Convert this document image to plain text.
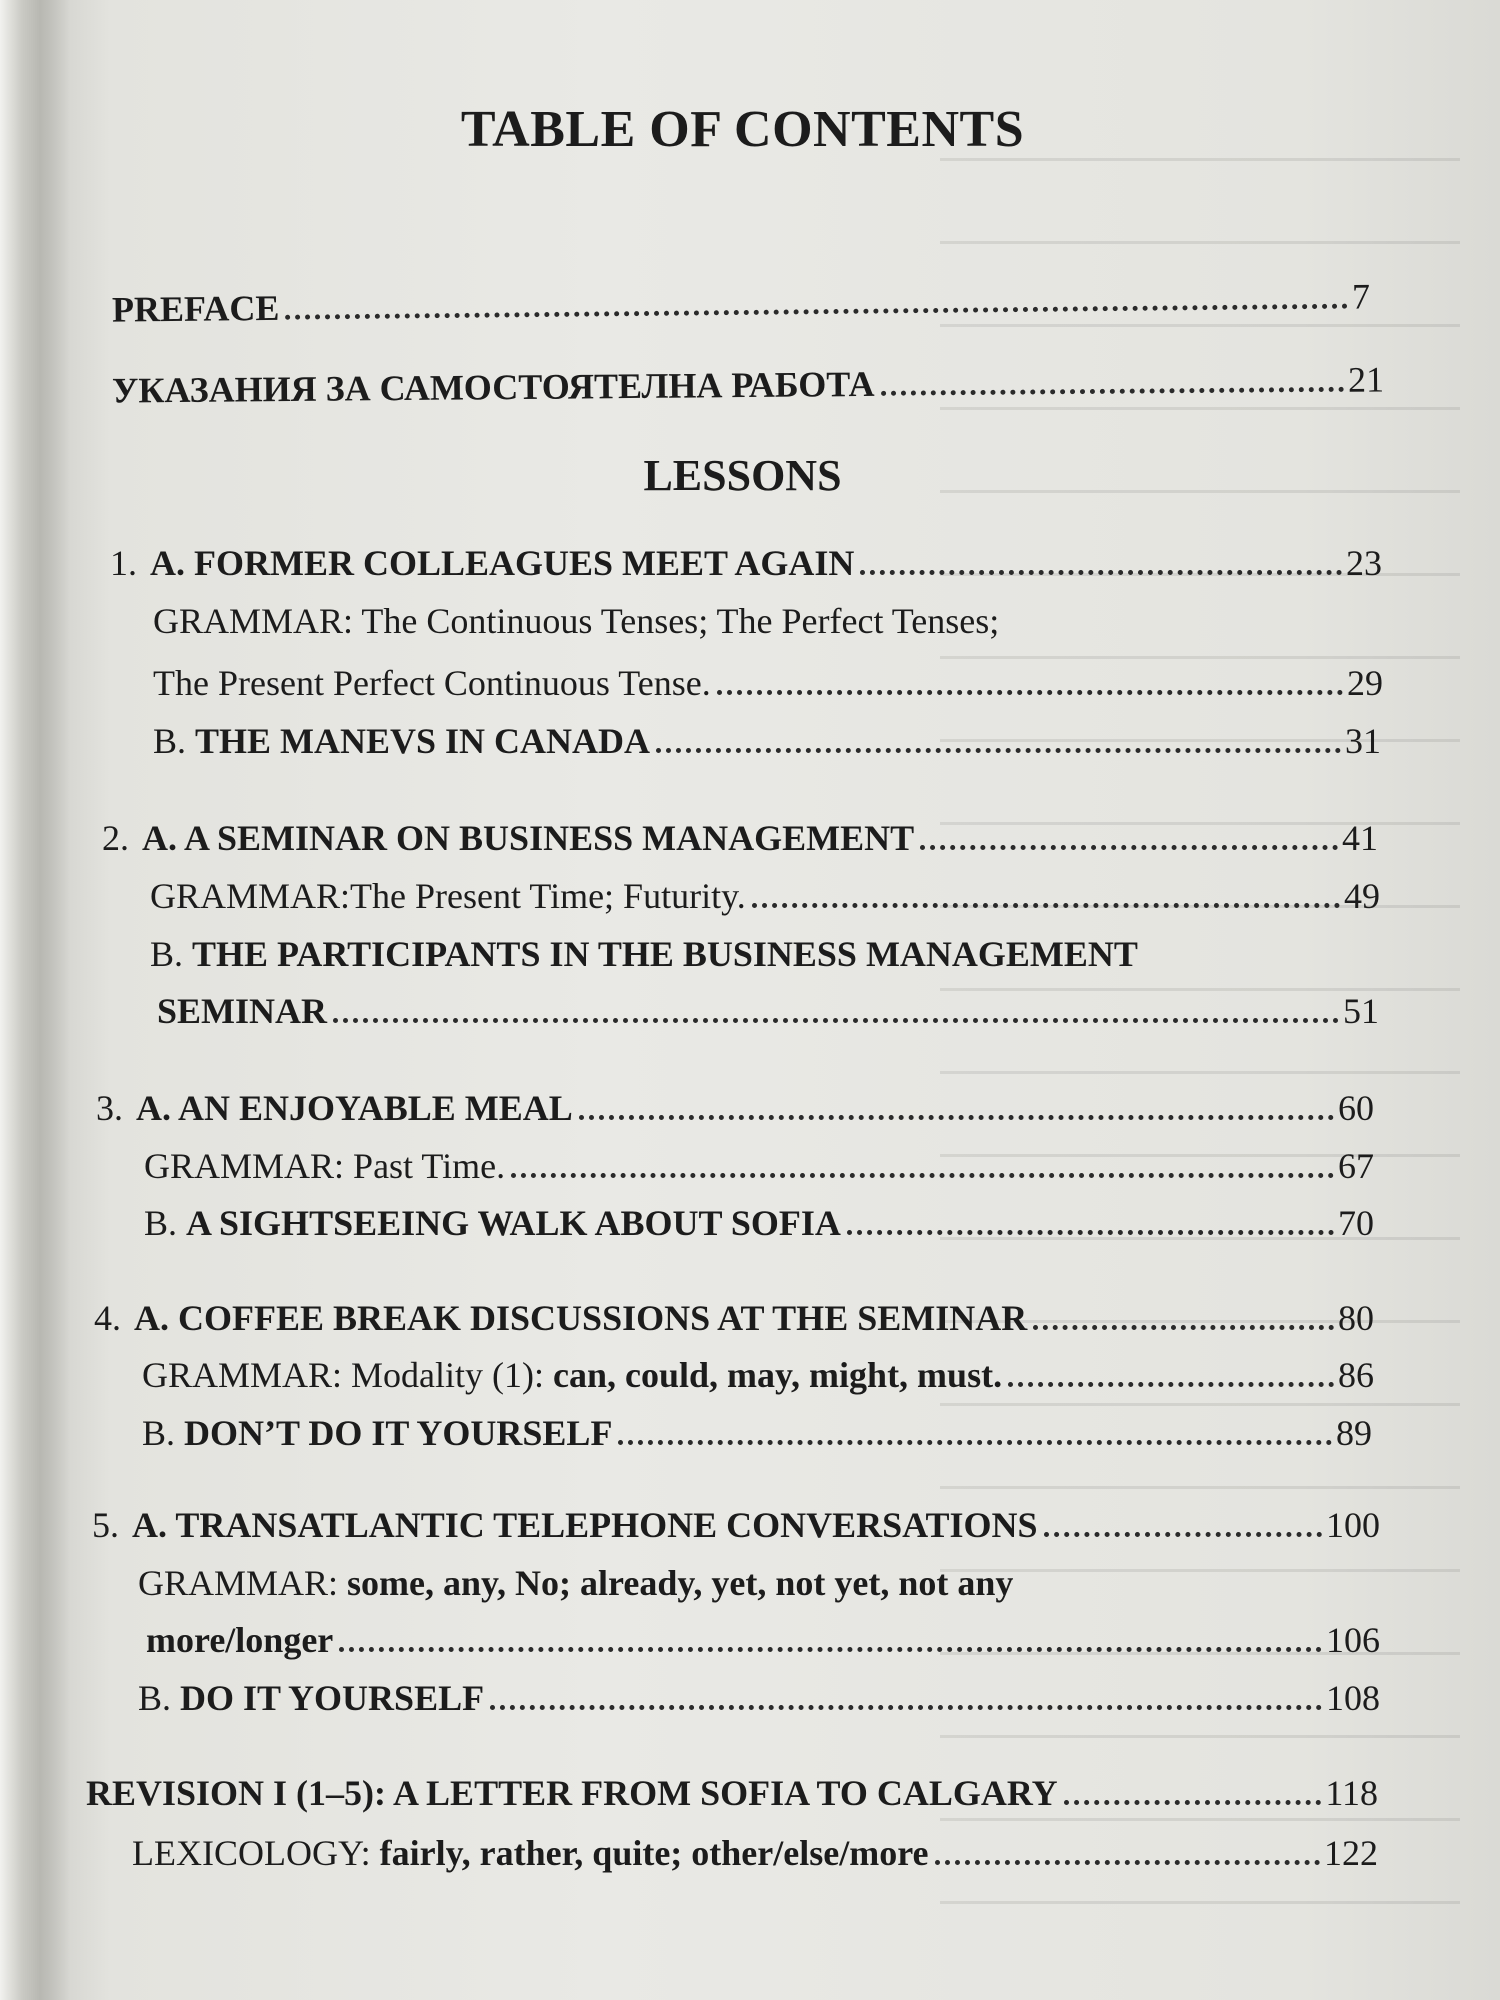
TABLE OF CONTENTS
PREFACE	7
УКАЗАНИЯ ЗА САМОСТОЯТЕЛНА РАБОТА	21
LESSONS
1. A. FORMER COLLEAGUES MEET AGAIN	23
GRAMMAR: The Continuous Tenses; The Perfect Tenses;
The Present Perfect Continuous Tense.	29
B. THE MANEVS IN CANADA	31
2. A. A SEMINAR ON BUSINESS MANAGEMENT	41
GRAMMAR:The Present Time; Futurity.	49
B. THE PARTICIPANTS IN THE BUSINESS MANAGEMENT
SEMINAR	51
3. A. AN ENJOYABLE MEAL	60
GRAMMAR: Past Time.	67
B. A SIGHTSEEING WALK ABOUT SOFIA	70
4. A. COFFEE BREAK DISCUSSIONS AT THE SEMINAR	80
GRAMMAR: Modality (1): can, could, may, might, must.	86
B. DON’T DO IT YOURSELF	89
5. A. TRANSATLANTIC TELEPHONE CONVERSATIONS	100
GRAMMAR: some, any, No; already, yet, not yet, not any
more/longer	106
B. DO IT YOURSELF	108
REVISION I (1–5): A LETTER FROM SOFIA TO CALGARY	118
LEXICOLOGY: fairly, rather, quite; other/else/more	122
